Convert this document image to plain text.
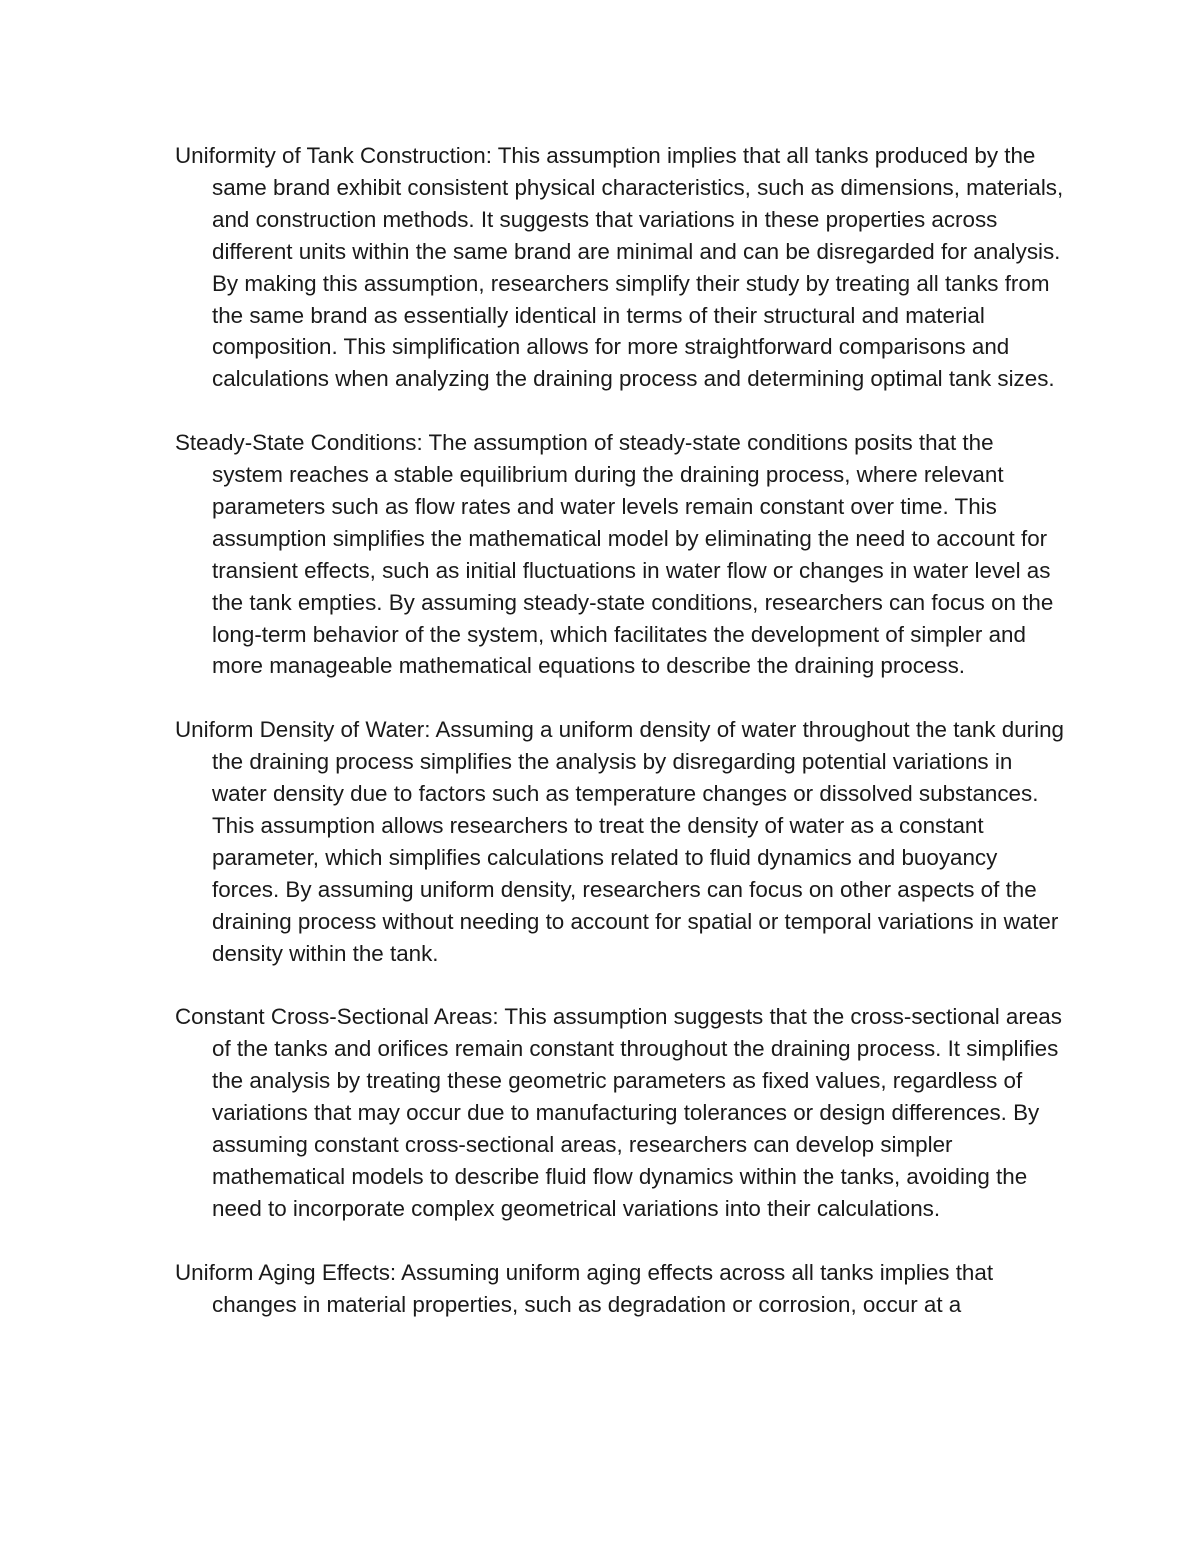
Uniformity of Tank Construction: This assumption implies that all tanks produced by the same brand exhibit consistent physical characteristics, such as dimensions, materials, and construction methods. It suggests that variations in these properties across different units within the same brand are minimal and can be disregarded for analysis. By making this assumption, researchers simplify their study by treating all tanks from the same brand as essentially identical in terms of their structural and material composition. This simplification allows for more straightforward comparisons and calculations when analyzing the draining process and determining optimal tank sizes.

Steady-State Conditions: The assumption of steady-state conditions posits that the system reaches a stable equilibrium during the draining process, where relevant parameters such as flow rates and water levels remain constant over time. This assumption simplifies the mathematical model by eliminating the need to account for transient effects, such as initial fluctuations in water flow or changes in water level as the tank empties. By assuming steady-state conditions, researchers can focus on the long-term behavior of the system, which facilitates the development of simpler and more manageable mathematical equations to describe the draining process.

Uniform Density of Water: Assuming a uniform density of water throughout the tank during the draining process simplifies the analysis by disregarding potential variations in water density due to factors such as temperature changes or dissolved substances. This assumption allows researchers to treat the density of water as a constant parameter, which simplifies calculations related to fluid dynamics and buoyancy forces. By assuming uniform density, researchers can focus on other aspects of the draining process without needing to account for spatial or temporal variations in water density within the tank.

Constant Cross-Sectional Areas: This assumption suggests that the cross-sectional areas of the tanks and orifices remain constant throughout the draining process. It simplifies the analysis by treating these geometric parameters as fixed values, regardless of variations that may occur due to manufacturing tolerances or design differences. By assuming constant cross-sectional areas, researchers can develop simpler mathematical models to describe fluid flow dynamics within the tanks, avoiding the need to incorporate complex geometrical variations into their calculations.

Uniform Aging Effects: Assuming uniform aging effects across all tanks implies that changes in material properties, such as degradation or corrosion, occur at a
